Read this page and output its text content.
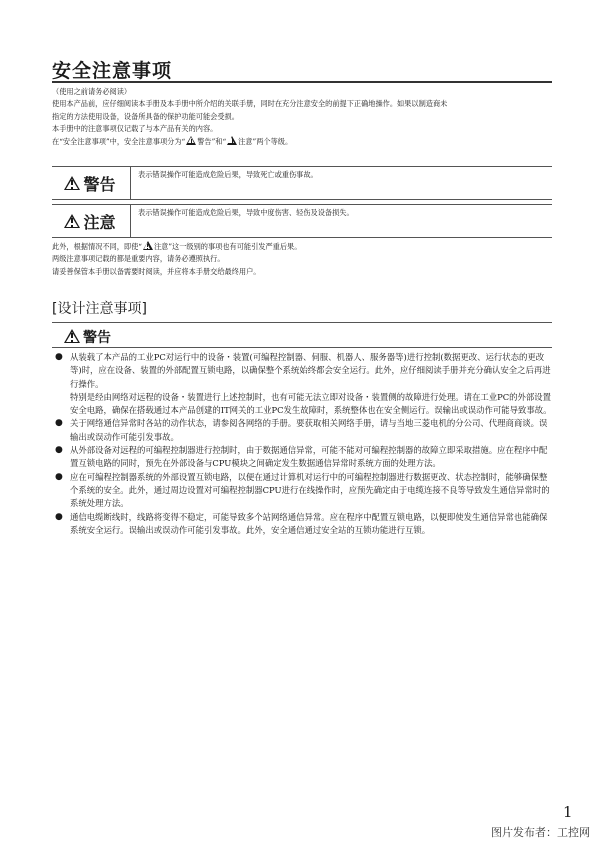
安全注意事项

（使用之前请务必阅读）

使用本产品前，应仔细阅读本手册及本手册中所介绍的关联手册，同时在充分注意安全的前提下正确地操作。如果以制造商未

指定的方法使用设备，设备所具备的保护功能可能会受损。

本手册中的注意事项仅记载了与本产品有关的内容。

在“安全注意事项”中，安全注意事项分为“ 警告”和“ 注意”两个等级。

警告	表示错误操作可能造成危险后果，导致死亡或重伤事故。
注意	表示错误操作可能造成危险后果，导致中度伤害、轻伤及设备损失。

此外，根据情况不同，即使“ 注意”这一级别的事项也有可能引发严重后果。

两级注意事项记载的都是重要内容，请务必遵照执行。

请妥善保管本手册以备需要时阅读，并应将本手册交给最终用户。

[设计注意事项]
警告
● 从装载了本产品的工业PC对运行中的设备・装置(可编程控制器、伺服、机器人、服务器等)进行控制(数据更改、运行状态的更改等)时，应在设备、装置的外部配置互锁电路，以确保整个系统始终都会安全运行。此外，应仔细阅读手册并充分确认安全之后再进行操作。
特别是经由网络对远程的设备・装置进行上述控制时，也有可能无法立即对设备・装置侧的故障进行处理。请在工业PC的外部设置安全电路，确保在搭载通过本产品创建的IT网关的工业PC发生故障时，系统整体也在安全侧运行。误输出或误动作可能导致事故。
● 关于网络通信异常时各站的动作状态，请参阅各网络的手册。要获取相关网络手册，请与当地三菱电机的分公司、代理商商谈。误输出或误动作可能引发事故。
● 从外部设备对远程的可编程控制器进行控制时，由于数据通信异常，可能不能对可编程控制器的故障立即采取措施。应在程序中配置互锁电路的同时，预先在外部设备与CPU模块之间确定发生数据通信异常时系统方面的处理方法。
● 应在可编程控制器系统的外部设置互锁电路，以便在通过计算机对运行中的可编程控制器进行数据更改、状态控制时，能够确保整个系统的安全。此外，通过周边设置对可编程控制器CPU进行在线操作时，应预先确定由于电缆连接不良等导致发生通信异常时的系统处理方法。
● 通信电缆断线时，线路将变得不稳定，可能导致多个站网络通信异常。应在程序中配置互锁电路，以便即使发生通信异常也能确保系统安全运行。误输出或误动作可能引发事故。此外，安全通信通过安全站的互锁功能进行互锁。
1
图片发布者：工控网
